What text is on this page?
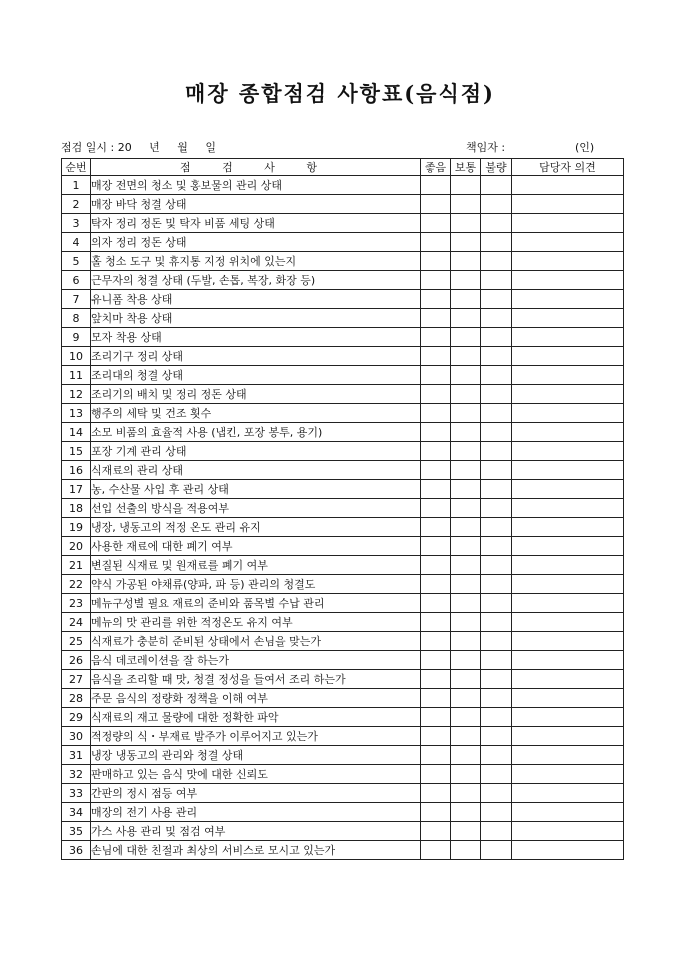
매장 종합점검 사항표(음식점)
점검 일시 : 20     년     월     일	책임자 :                    (인)
순번	점 검 사 항	좋음	보통	불량	담당자 의견
1	매장 전면의 청소 및 홍보물의 관리 상태				
2	매장 바닥 청결 상태				
3	탁자 정리 정돈 및 탁자 비품 세팅 상태				
4	의자 정리 정돈 상태				
5	홀 청소 도구 및 휴지통 지정 위치에 있는지				
6	근무자의 청결 상태 (두발, 손톱, 복장, 화장 등)				
7	유니폼 착용 상태				
8	앞치마 착용 상태				
9	모자 착용 상태				
10	조리기구 정리 상태				
11	조리대의 청결 상태				
12	조리기의 배치 및 정리 정돈 상태				
13	행주의 세탁 및 건조 횟수				
14	소모 비품의 효율적 사용 (냅킨, 포장 봉투, 용기)				
15	포장 기계 관리 상태				
16	식재료의 관리 상태				
17	농, 수산물 사입 후 관리 상태				
18	선입 선출의 방식을 적용여부				
19	냉장, 냉동고의 적정 온도 관리 유지				
20	사용한 재료에 대한 폐기 여부				
21	변질된 식재료 및 원재료를 폐기 여부				
22	약식 가공된 야채류(양파, 파 등) 관리의 청결도				
23	메뉴구성별 필요 재료의 준비와 품목별 수납 관리				
24	메뉴의 맛 관리를 위한 적정온도 유지 여부				
25	식재료가 충분히 준비된 상태에서 손님을 맞는가				
26	음식 데코레이션을 잘 하는가				
27	음식을 조리할 때 맛, 청결 정성을 들여서 조리 하는가				
28	주문 음식의 정량화 정책을 이해 여부				
29	식재료의 재고 물량에 대한 정확한 파악				
30	적정량의 식・부재료 발주가 이루어지고 있는가				
31	냉장 냉동고의 관리와 청결 상태				
32	판매하고 있는 음식 맛에 대한 신뢰도				
33	간판의 정시 점등 여부				
34	매장의 전기 사용 관리				
35	가스 사용 관리 및 점검 여부				
36	손님에 대한 친절과 최상의 서비스로 모시고 있는가				
